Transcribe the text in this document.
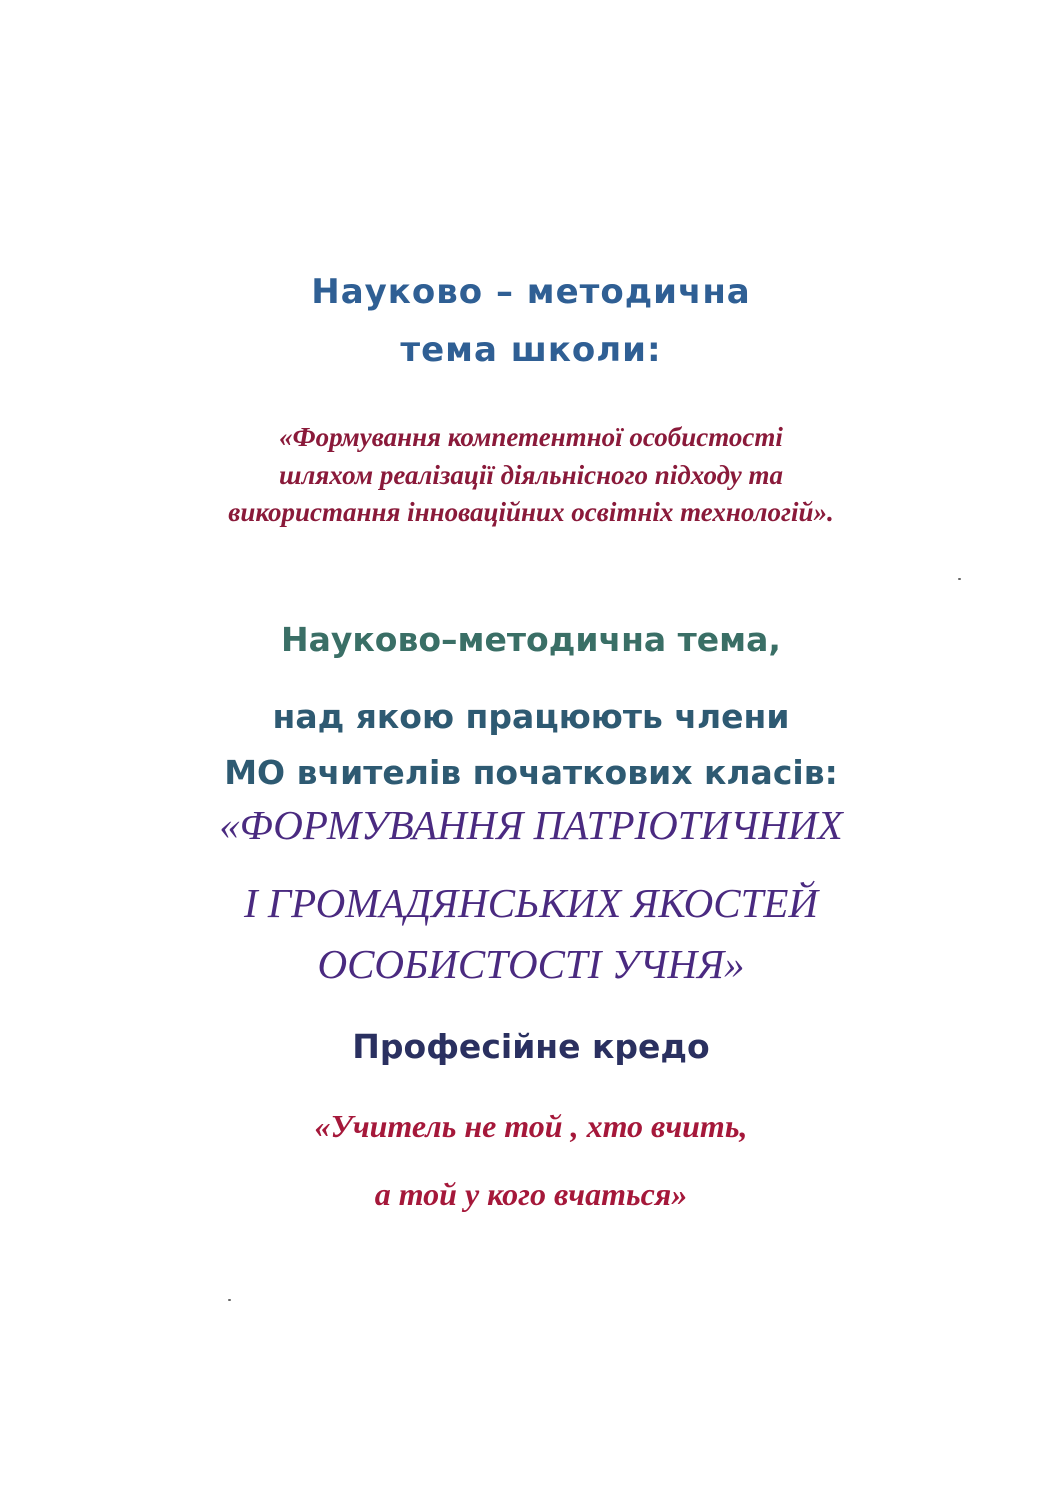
Науково – методична

тема школи:

«Формування компетентної особистості

шляхом реалізації діяльнісного підходу та

використання інноваційних освітніх технологій».

Науково–методична тема,

над якою працюють члени

МО вчителів початкових класів:

«ФОРМУВАННЯ ПАТРІОТИЧНИХ

І ГРОМАДЯНСЬКИХ ЯКОСТЕЙ

ОСОБИСТОСТІ УЧНЯ»

Професійне кредо

«Учитель не той , хто вчить,

а той у кого вчаться»
